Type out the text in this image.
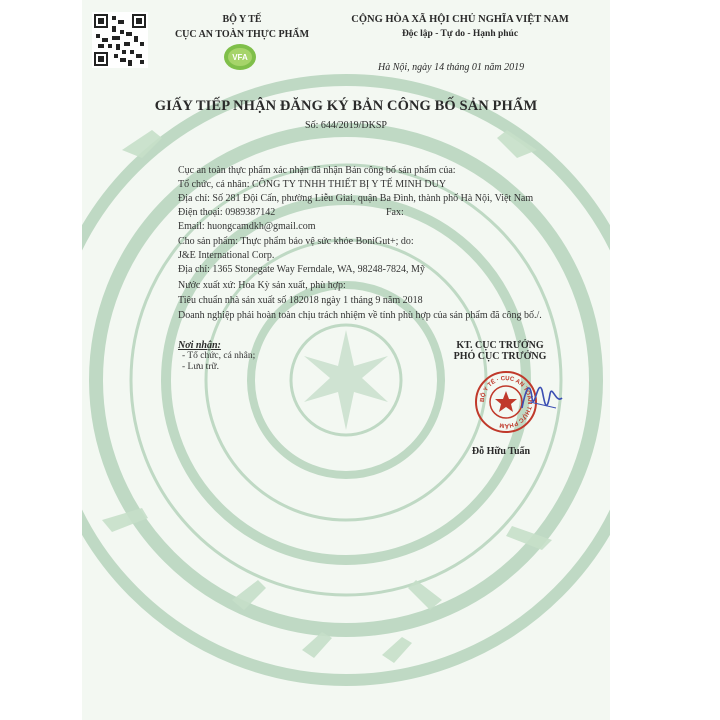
BỘ Y TẾ
CỤC AN TOÀN THỰC PHẨM
VFA
CỘNG HÒA XÃ HỘI CHỦ NGHĨA VIỆT NAM
Độc lập - Tự do - Hạnh phúc
Hà Nội, ngày 14 tháng 01 năm 2019
GIẤY TIẾP NHẬN ĐĂNG KÝ BẢN CÔNG BỐ SẢN PHẨM
Số: 644/2019/DKSP
Cục an toàn thực phẩm xác nhận đã nhận Bản công bố sản phẩm của:
Tổ chức, cá nhân: CÔNG TY TNHH THIẾT BỊ Y TẾ MINH DUY
Địa chỉ: Số 281 Đội Cấn, phường Liễu Giai, quận Ba Đình, thành phố Hà Nội, Việt Nam
Điện thoại: 0989387142	Fax:
Email: huongcamdkh@gmail.com
Cho sản phẩm: Thực phẩm bảo vệ sức khỏe BoniGut+; do:
J&E International Corp.
Địa chỉ: 1365 Stonegate Way Ferndale, WA, 98248-7824, Mỹ
Nước xuất xứ: Hoa Kỳ sản xuất, phù hợp:
Tiêu chuẩn nhà sản xuất số 182018 ngày 1 tháng 9 năm 2018
Doanh nghiệp phải hoàn toàn chịu trách nhiệm về tính phù hợp của sản phẩm đã công bố./.
Nơi nhận:
- Tổ chức, cá nhân;
- Lưu trữ.
KT. CỤC TRƯỞNG
PHÓ CỤC TRƯỞNG
BỘ Y TẾ · CỤC AN TOÀN THỰC PHẨM
Đỗ Hữu Tuấn
